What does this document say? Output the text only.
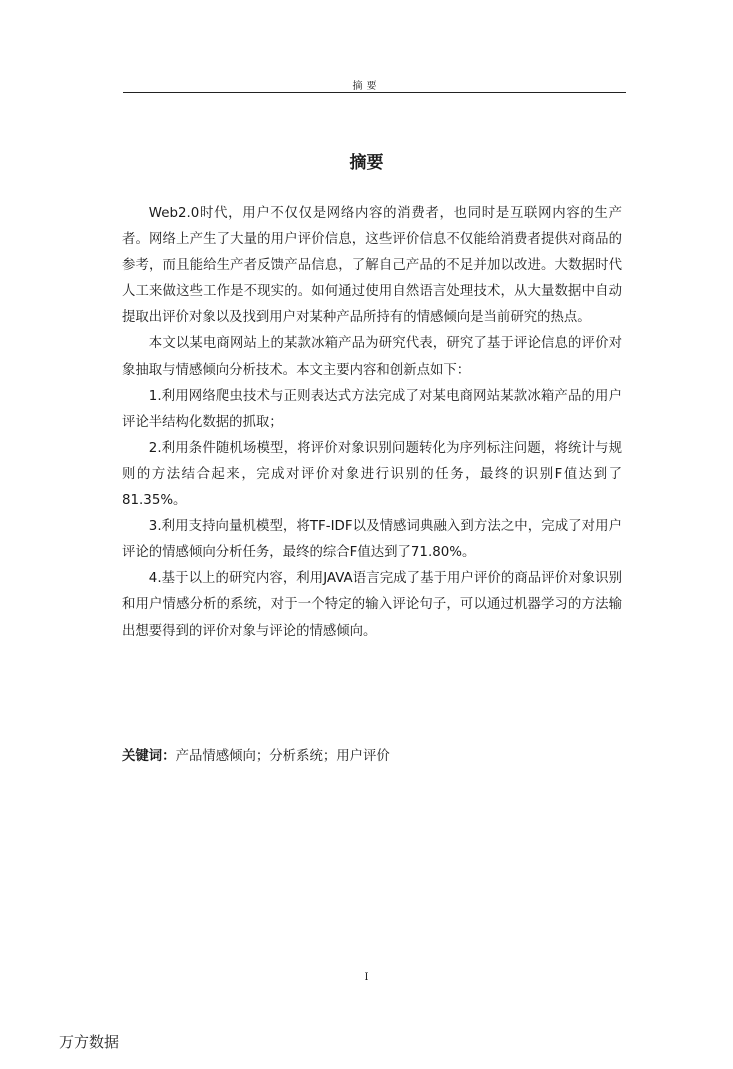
摘要
摘要

Web2.0时代，用户不仅仅是网络内容的消费者，也同时是互联网内容的生产者。网络上产生了大量的用户评价信息，这些评价信息不仅能给消费者提供对商品的参考，而且能给生产者反馈产品信息，了解自己产品的不足并加以改进。大数据时代人工来做这些工作是不现实的。如何通过使用自然语言处理技术，从大量数据中自动提取出评价对象以及找到用户对某种产品所持有的情感倾向是当前研究的热点。

本文以某电商网站上的某款冰箱产品为研究代表，研究了基于评论信息的评价对象抽取与情感倾向分析技术。本文主要内容和创新点如下：

1.利用网络爬虫技术与正则表达式方法完成了对某电商网站某款冰箱产品的用户评论半结构化数据的抓取；

2.利用条件随机场模型，将评价对象识别问题转化为序列标注问题，将统计与规则的方法结合起来，完成对评价对象进行识别的任务，最终的识别F值达到了81.35%。

3.利用支持向量机模型，将TF-IDF以及情感词典融入到方法之中，完成了对用户评论的情感倾向分析任务，最终的综合F值达到了71.80%。

4.基于以上的研究内容，利用JAVA语言完成了基于用户评价的商品评价对象识别和用户情感分析的系统，对于一个特定的输入评论句子，可以通过机器学习的方法输出想要得到的评价对象与评论的情感倾向。

关键词：产品情感倾向；分析系统；用户评价
I
万方数据
